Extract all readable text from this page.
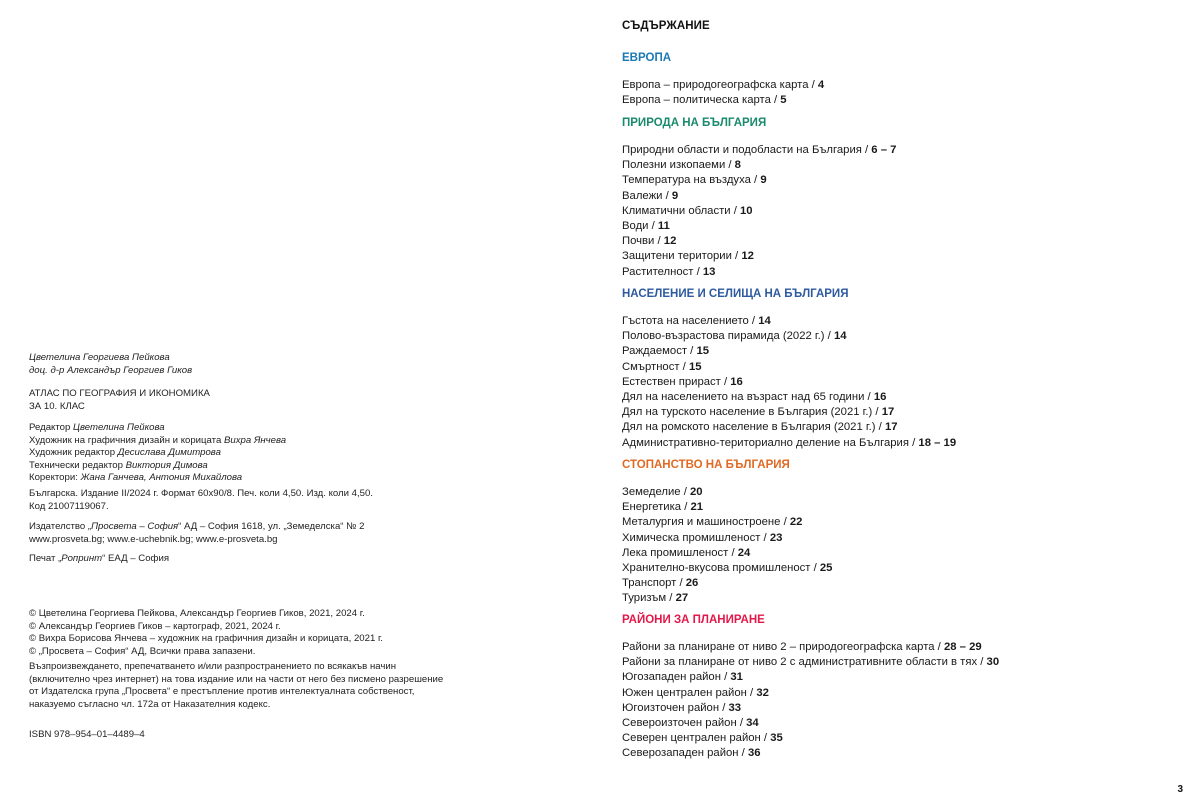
Цветелина Георгиева Пейкова
доц. д-р Александър Георгиев Гиков
АТЛАС ПО ГЕОГРАФИЯ И ИКОНОМИКА
ЗА 10. КЛАС
Редактор Цветелина Пейкова
Художник на графичния дизайн и корицата Вихра Янчева
Художник редактор Десислава Димитрова
Технически редактор Виктория Димова
Коректори: Жана Ганчева, Антония Михайлова
Българска. Издание II/2024 г. Формат 60x90/8. Печ. коли 4,50. Изд. коли 4,50.
Код 21007119067.
Издателство „Просвета – София“ АД – София 1618, ул. „Земеделска“ № 2
www.prosveta.bg; www.e-uchebnik.bg; www.e-prosveta.bg
Печат „Ропринт“ ЕАД – София
© Цветелина Георгиева Пейкова, Александър Георгиев Гиков, 2021, 2024 г.
© Александър Георгиев Гиков – картограф, 2021, 2024 г.
© Вихра Борисова Янчева – художник на графичния дизайн и корицата, 2021 г.
© „Просвета – София“ АД, Всички права запазени.
Възпроизвеждането, препечатването и/или разпространението по всякакъв начин
(включително чрез интернет) на това издание или на части от него без писмено разрешение
от Издателска група „Просвета“ е престъпление против интелектуалната собственост,
наказуемо съгласно чл. 172а от Наказателния кодекс.
ISBN 978–954–01–4489–4
СЪДЪРЖАНИЕ
ЕВРОПА
Европа – природогеографска карта / 4
Европа – политическа карта / 5
ПРИРОДА НА БЪЛГАРИЯ
Природни области и подобласти на България / 6 – 7
Полезни изкопаеми / 8
Температура на въздуха / 9
Валежи / 9
Климатични области / 10
Води / 11
Почви / 12
Защитени територии / 12
Растителност / 13
НАСЕЛЕНИЕ И СЕЛИЩА НА БЪЛГАРИЯ
Гъстота на населението / 14
Полово-възрастова пирамида (2022 г.) / 14
Раждаемост / 15
Смъртност / 15
Естествен прираст / 16
Дял на населението на възраст над 65 години / 16
Дял на турското население в България (2021 г.) / 17
Дял на ромското население в България (2021 г.) / 17
Административно-териториално деление на България / 18 – 19
СТОПАНСТВО НА БЪЛГАРИЯ
Земеделие / 20
Енергетика / 21
Металургия и машиностроене / 22
Химическа промишленост / 23
Лека промишленост / 24
Хранително-вкусова промишленост / 25
Транспорт / 26
Туризъм / 27
РАЙОНИ ЗА ПЛАНИРАНЕ
Райони за планиране от ниво 2 – природогеографска карта / 28 – 29
Райони за планиране от ниво 2 с административните области в тях / 30
Югозападен район / 31
Южен централен район / 32
Югоизточен район / 33
Североизточен район / 34
Северен централен район / 35
Северозападен район / 36
3
